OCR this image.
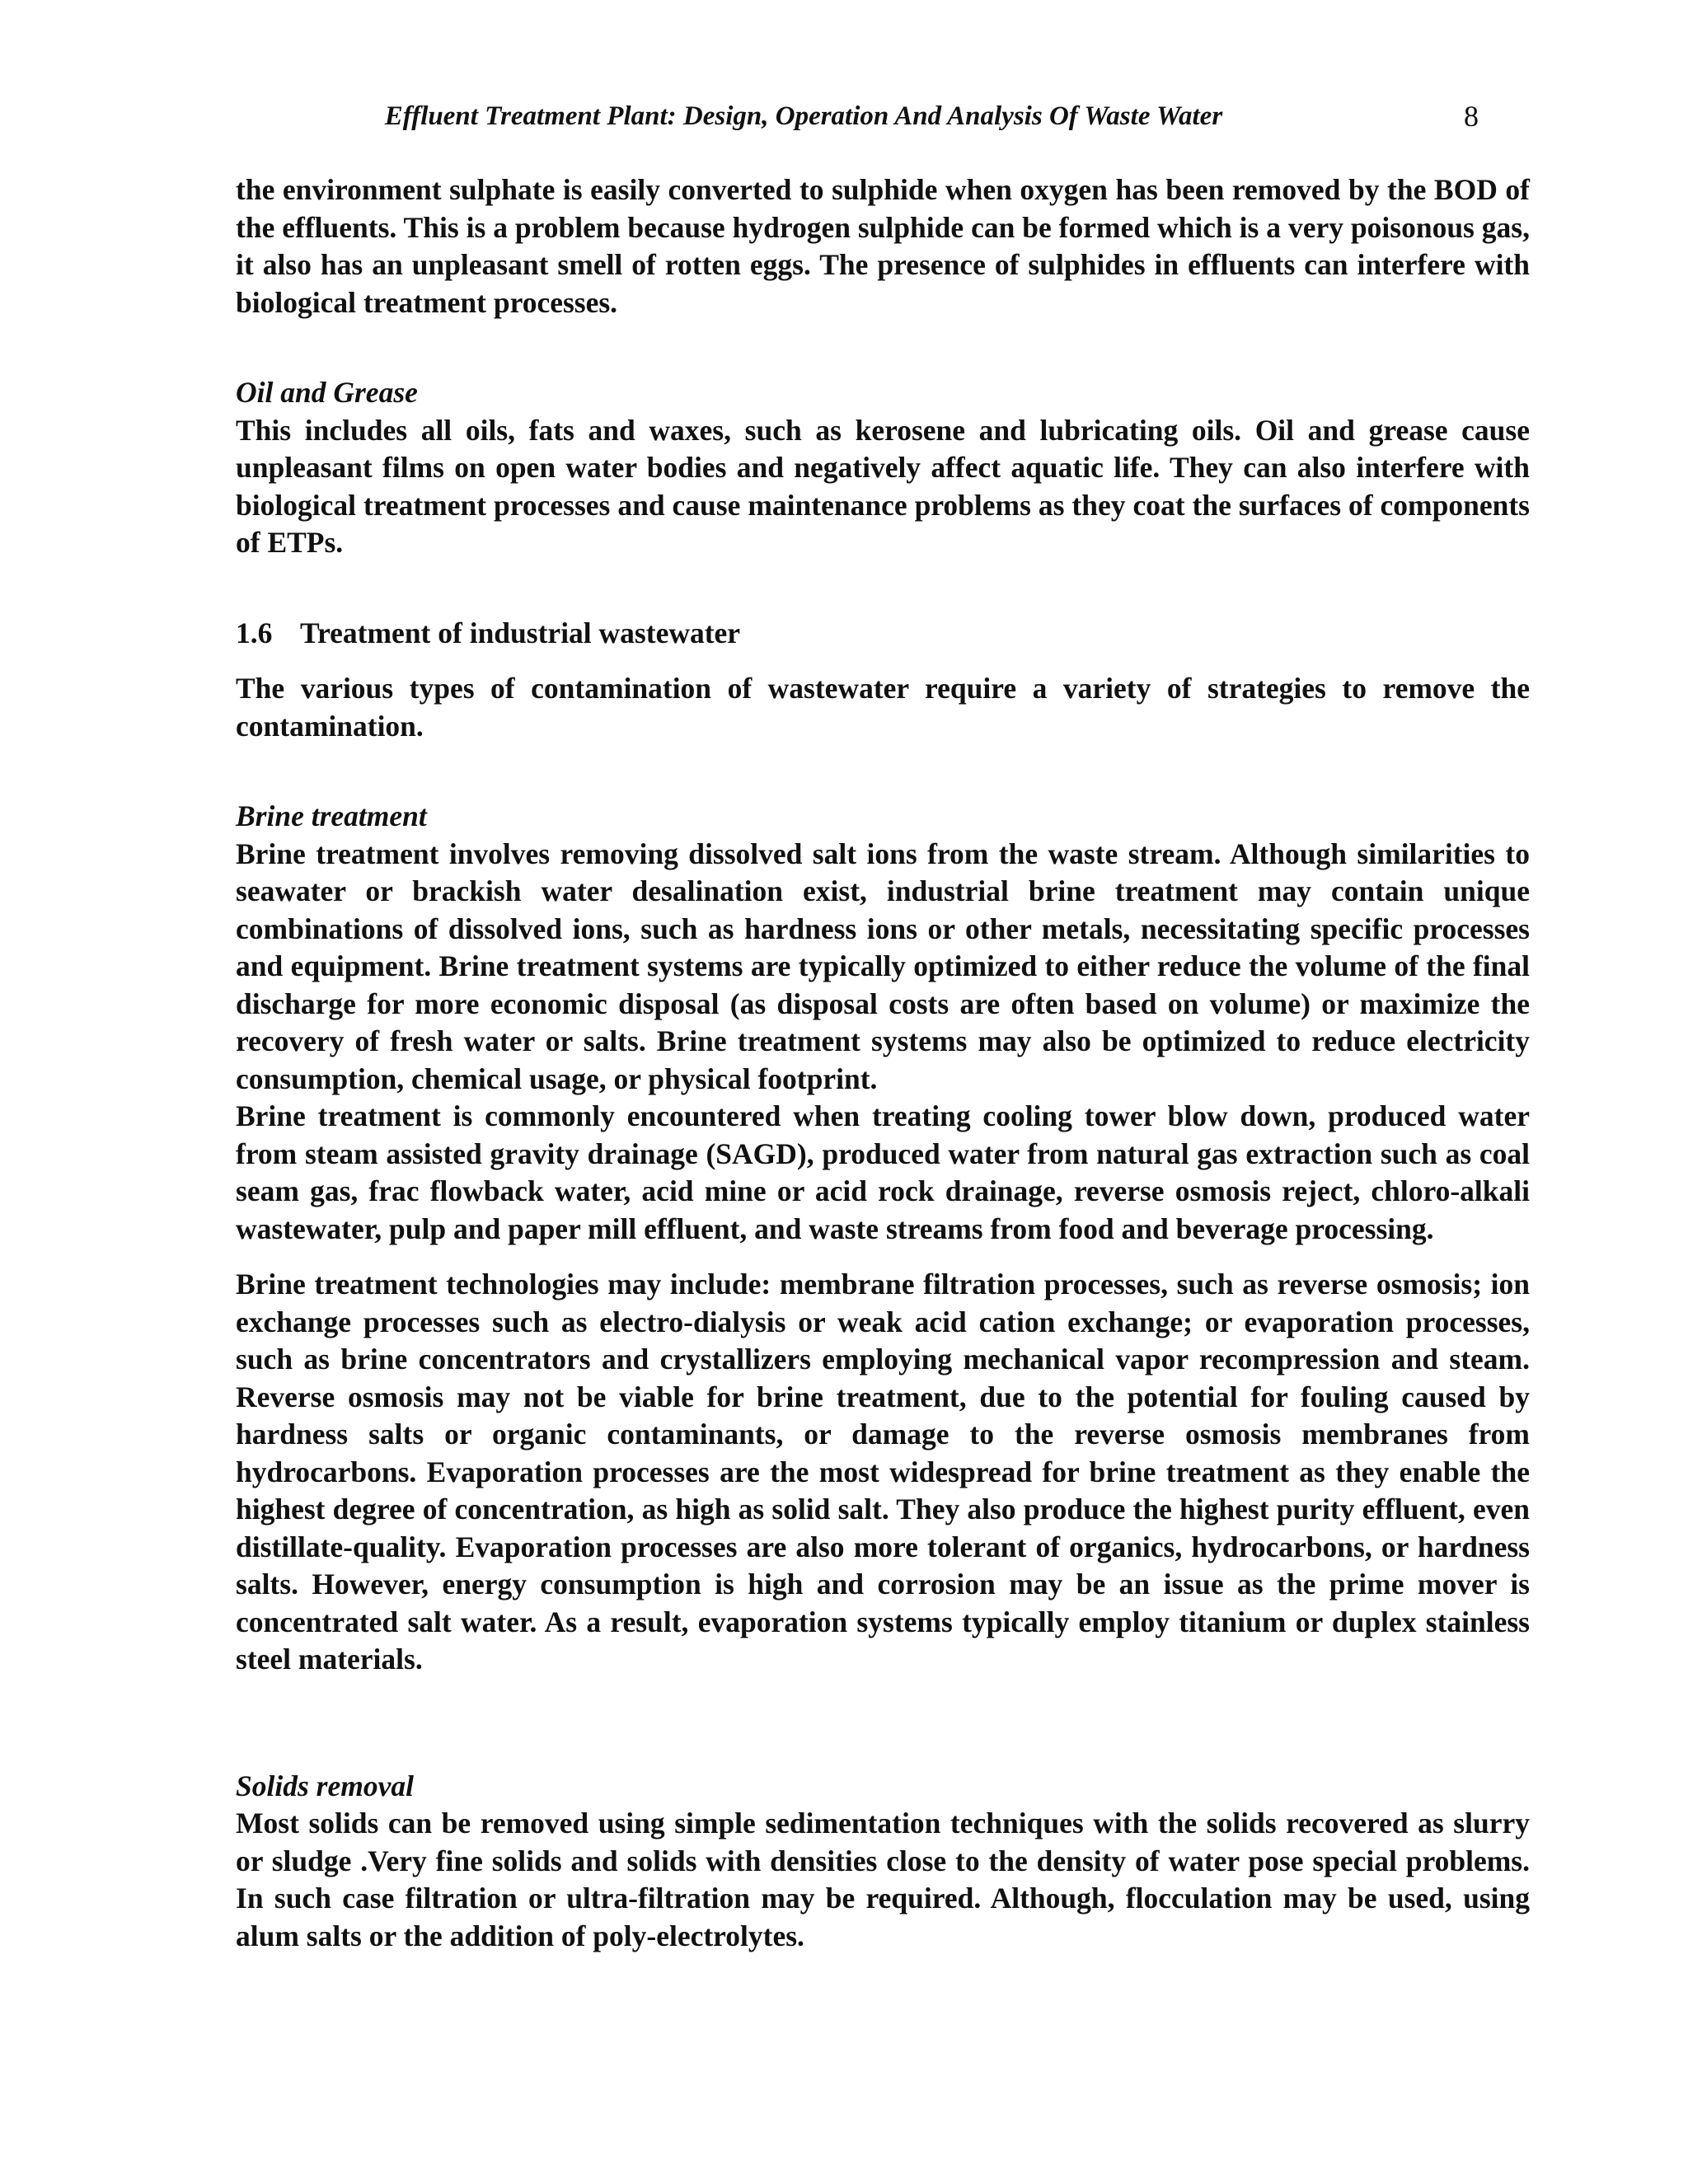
Effluent Treatment Plant: Design, Operation And Analysis Of Waste Water	8

the environment sulphate is easily converted to sulphide when oxygen has been removed by the BOD of the effluents. This is a problem because hydrogen sulphide can be formed which is a very poisonous gas, it also has an unpleasant smell of rotten eggs. The presence of sulphides in effluents can interfere with biological treatment processes.

Oil and Grease

This includes all oils, fats and waxes, such as kerosene and lubricating oils. Oil and grease cause unpleasant films on open water bodies and negatively affect aquatic life. They can also interfere with biological treatment processes and cause maintenance problems as they coat the surfaces of components of ETPs.

1.6 Treatment of industrial wastewater

The various types of contamination of wastewater require a variety of strategies to remove the contamination.

Brine treatment

Brine treatment involves removing dissolved salt ions from the waste stream. Although similarities to seawater or brackish water desalination exist, industrial brine treatment may contain unique combinations of dissolved ions, such as hardness ions or other metals, necessitating specific processes and equipment. Brine treatment systems are typically optimized to either reduce the volume of the final discharge for more economic disposal (as disposal costs are often based on volume) or maximize the recovery of fresh water or salts. Brine treatment systems may also be optimized to reduce electricity consumption, chemical usage, or physical footprint.

Brine treatment is commonly encountered when treating cooling tower blow down, produced water from steam assisted gravity drainage (SAGD), produced water from natural gas extraction such as coal seam gas, frac flowback water, acid mine or acid rock drainage, reverse osmosis reject, chloro-alkali wastewater, pulp and paper mill effluent, and waste streams from food and beverage processing.

Brine treatment technologies may include: membrane filtration processes, such as reverse osmosis; ion exchange processes such as electro-dialysis or weak acid cation exchange; or evaporation processes, such as brine concentrators and crystallizers employing mechanical vapor recompression and steam. Reverse osmosis may not be viable for brine treatment, due to the potential for fouling caused by hardness salts or organic contaminants, or damage to the reverse osmosis membranes from hydrocarbons. Evaporation processes are the most widespread for brine treatment as they enable the highest degree of concentration, as high as solid salt. They also produce the highest purity effluent, even distillate-quality. Evaporation processes are also more tolerant of organics, hydrocarbons, or hardness salts. However, energy consumption is high and corrosion may be an issue as the prime mover is concentrated salt water. As a result, evaporation systems typically employ titanium or duplex stainless steel materials.

Solids removal

Most solids can be removed using simple sedimentation techniques with the solids recovered as slurry or sludge .Very fine solids and solids with densities close to the density of water pose special problems. In such case filtration or ultra-filtration may be required. Although, flocculation may be used, using alum salts or the addition of poly-electrolytes.
